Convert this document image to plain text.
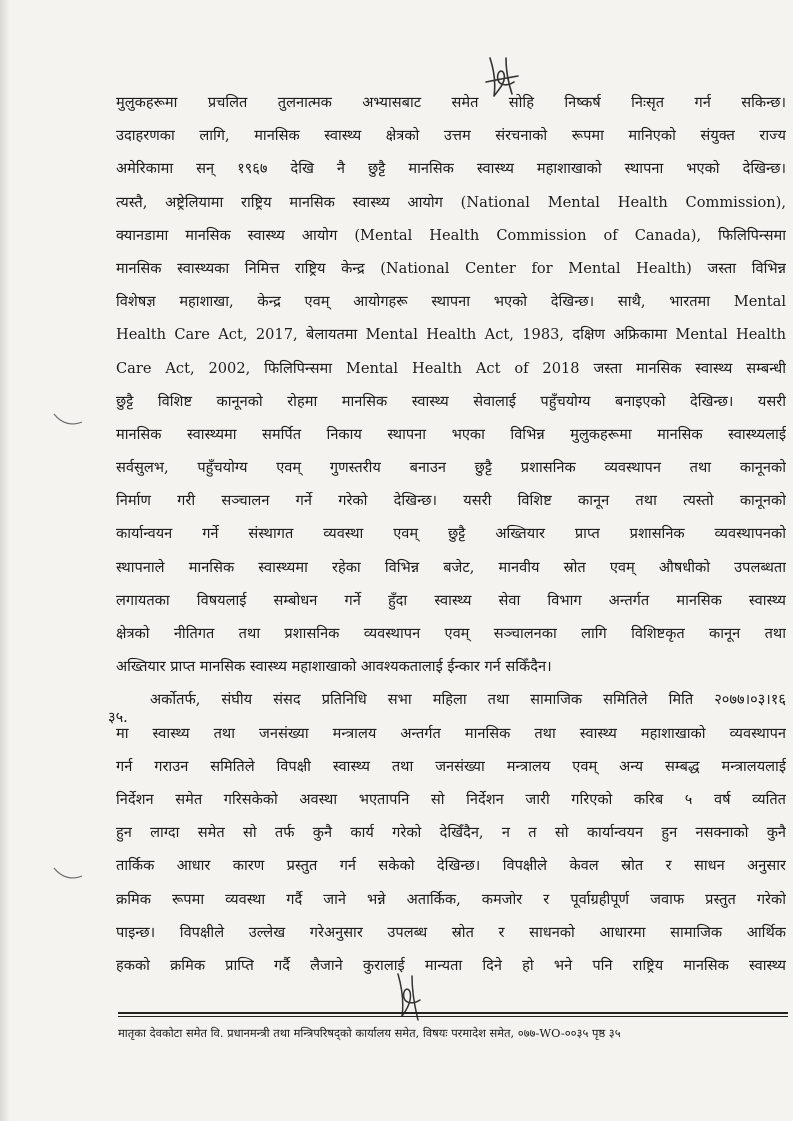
मुलुकहरूमा प्रचलित तुलनात्मक अभ्यासबाट समेत सोहि निष्कर्ष निःसृत गर्न सकिन्छ।
उदाहरणका लागि, मानसिक स्वास्थ्य क्षेत्रको उत्तम संरचनाको रूपमा मानिएको संयुक्त राज्य
अमेरिकामा सन् १९६७ देखि नै छुट्टै मानसिक स्वास्थ्य महाशाखाको स्थापना भएको देखिन्छ।
त्यस्तै, अष्ट्रेलियामा राष्ट्रिय मानसिक स्वास्थ्य आयोग (National Mental Health Commission),
क्यानडामा मानसिक स्वास्थ्य आयोग (Mental Health Commission of Canada), फिलिपिन्समा
मानसिक स्वास्थ्यका निमित्त राष्ट्रिय केन्द्र (National Center for Mental Health) जस्ता विभिन्न
विशेषज्ञ महाशाखा, केन्द्र एवम् आयोगहरू स्थापना भएको देखिन्छ। साथै, भारतमा Mental
Health Care Act, 2017, बेलायतमा Mental Health Act, 1983, दक्षिण अफ्रिकामा Mental Health
Care Act, 2002, फिलिपिन्समा Mental Health Act of 2018 जस्ता मानसिक स्वास्थ्य सम्बन्धी
छुट्टै विशिष्ट कानूनको रोहमा मानसिक स्वास्थ्य सेवालाई पहुँचयोग्य बनाइएको देखिन्छ। यसरी
मानसिक स्वास्थ्यमा समर्पित निकाय स्थापना भएका विभिन्न मुलुकहरूमा मानसिक स्वास्थ्यलाई
सर्वसुलभ, पहुँचयोग्य एवम् गुणस्तरीय बनाउन छुट्टै प्रशासनिक व्यवस्थापन तथा कानूनको
निर्माण गरी सञ्चालन गर्ने गरेको देखिन्छ। यसरी विशिष्ट कानून तथा त्यस्तो कानूनको
कार्यान्वयन गर्ने संस्थागत व्यवस्था एवम् छुट्टै अख्तियार प्राप्त प्रशासनिक व्यवस्थापनको
स्थापनाले मानसिक स्वास्थ्यमा रहेका विभिन्न बजेट, मानवीय स्रोत एवम् औषधीको उपलब्धता
लगायतका विषयलाई सम्बोधन गर्ने हुँदा स्वास्थ्य सेवा विभाग अन्तर्गत मानसिक स्वास्थ्य
क्षेत्रको नीतिगत तथा प्रशासनिक व्यवस्थापन एवम् सञ्चालनका लागि विशिष्टकृत कानून तथा
अख्तियार प्राप्त मानसिक स्वास्थ्य महाशाखाको आवश्यकतालाई ईन्कार गर्न सकिँदैन।
अर्कोतर्फ, संघीय संसद प्रतिनिधि सभा महिला तथा सामाजिक समितिले मिति २०७७।०३।१६
मा स्वास्थ्य तथा जनसंख्या मन्त्रालय अन्तर्गत मानसिक तथा स्वास्थ्य महाशाखाको व्यवस्थापन
गर्न गराउन समितिले विपक्षी स्वास्थ्य तथा जनसंख्या मन्त्रालय एवम् अन्य सम्बद्ध मन्त्रालयलाई
निर्देशन समेत गरिसकेको अवस्था भएतापनि सो निर्देशन जारी गरिएको करिब ५ वर्ष व्यतित
हुन लाग्दा समेत सो तर्फ कुनै कार्य गरेको देखिँदैन, न त सो कार्यान्वयन हुन नसक्नाको कुनै
तार्किक आधार कारण प्रस्तुत गर्न सकेको देखिन्छ। विपक्षीले केवल स्रोत र साधन अनुसार
क्रमिक रूपमा व्यवस्था गर्दै जाने भन्ने अतार्किक, कमजोर र पूर्वाग्रहीपूर्ण जवाफ प्रस्तुत गरेको
पाइन्छ। विपक्षीले उल्लेख गरेअनुसार उपलब्ध स्रोत र साधनको आधारमा सामाजिक आर्थिक
हकको क्रमिक प्राप्ति गर्दै लैजाने कुरालाई मान्यता दिने हो भने पनि राष्ट्रिय मानसिक स्वास्थ्य
३५.
मातृका देवकोटा समेत वि. प्रधानमन्त्री तथा मन्त्रिपरिषद्को कार्यालय समेत, विषयः परमादेश समेत, ०७७-WO-००३५ पृष्ठ ३५
